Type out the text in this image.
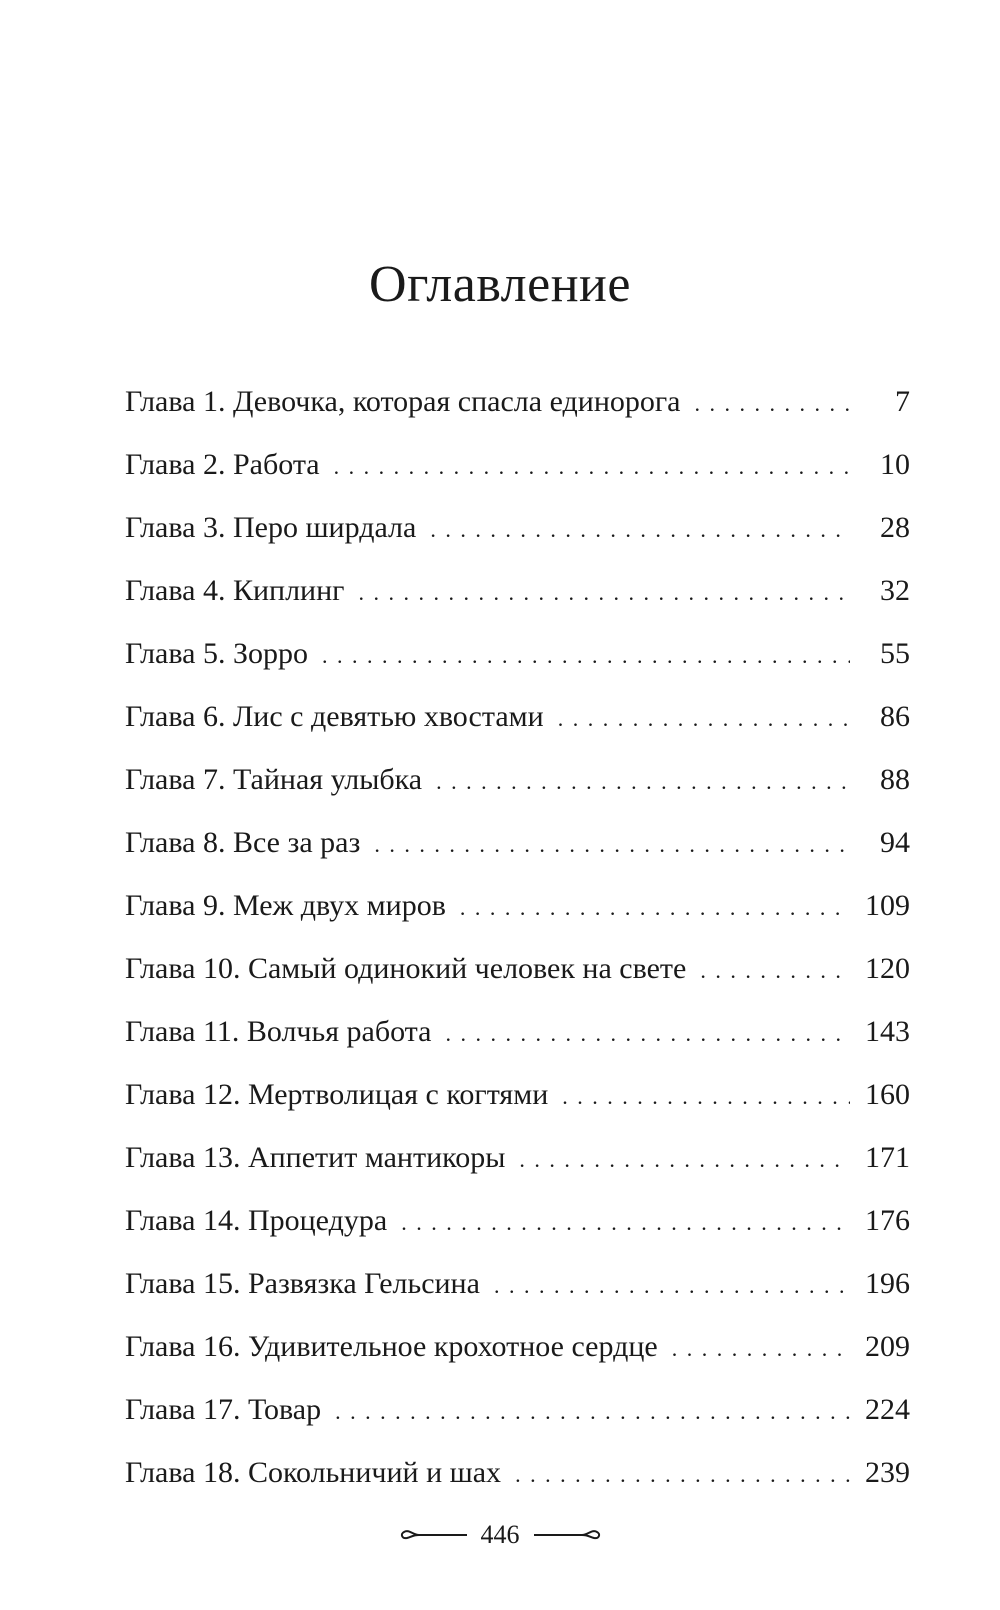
Оглавление
Глава 1. Девочка, которая спасла единорога . . .	7
Глава 2. Работа . . .	10
Глава 3. Перо ширдала . . .	28
Глава 4. Киплинг . . .	32
Глава 5. Зорро . . .	55
Глава 6. Лис с девятью хвостами . . .	86
Глава 7. Тайная улыбка . . .	88
Глава 8. Все за раз . . .	94
Глава 9. Меж двух миров . . .	109
Глава 10. Самый одинокий человек на свете . . .	120
Глава 11. Волчья работа . . .	143
Глава 12. Мертволицая с когтями . . .	160
Глава 13. Аппетит мантикоры . . .	171
Глава 14. Процедура . . .	176
Глава 15. Развязка Гельсина . . .	196
Глава 16. Удивительное крохотное сердце . . .	209
Глава 17. Товар . . .	224
Глава 18. Сокольничий и шах . . .	239
446
